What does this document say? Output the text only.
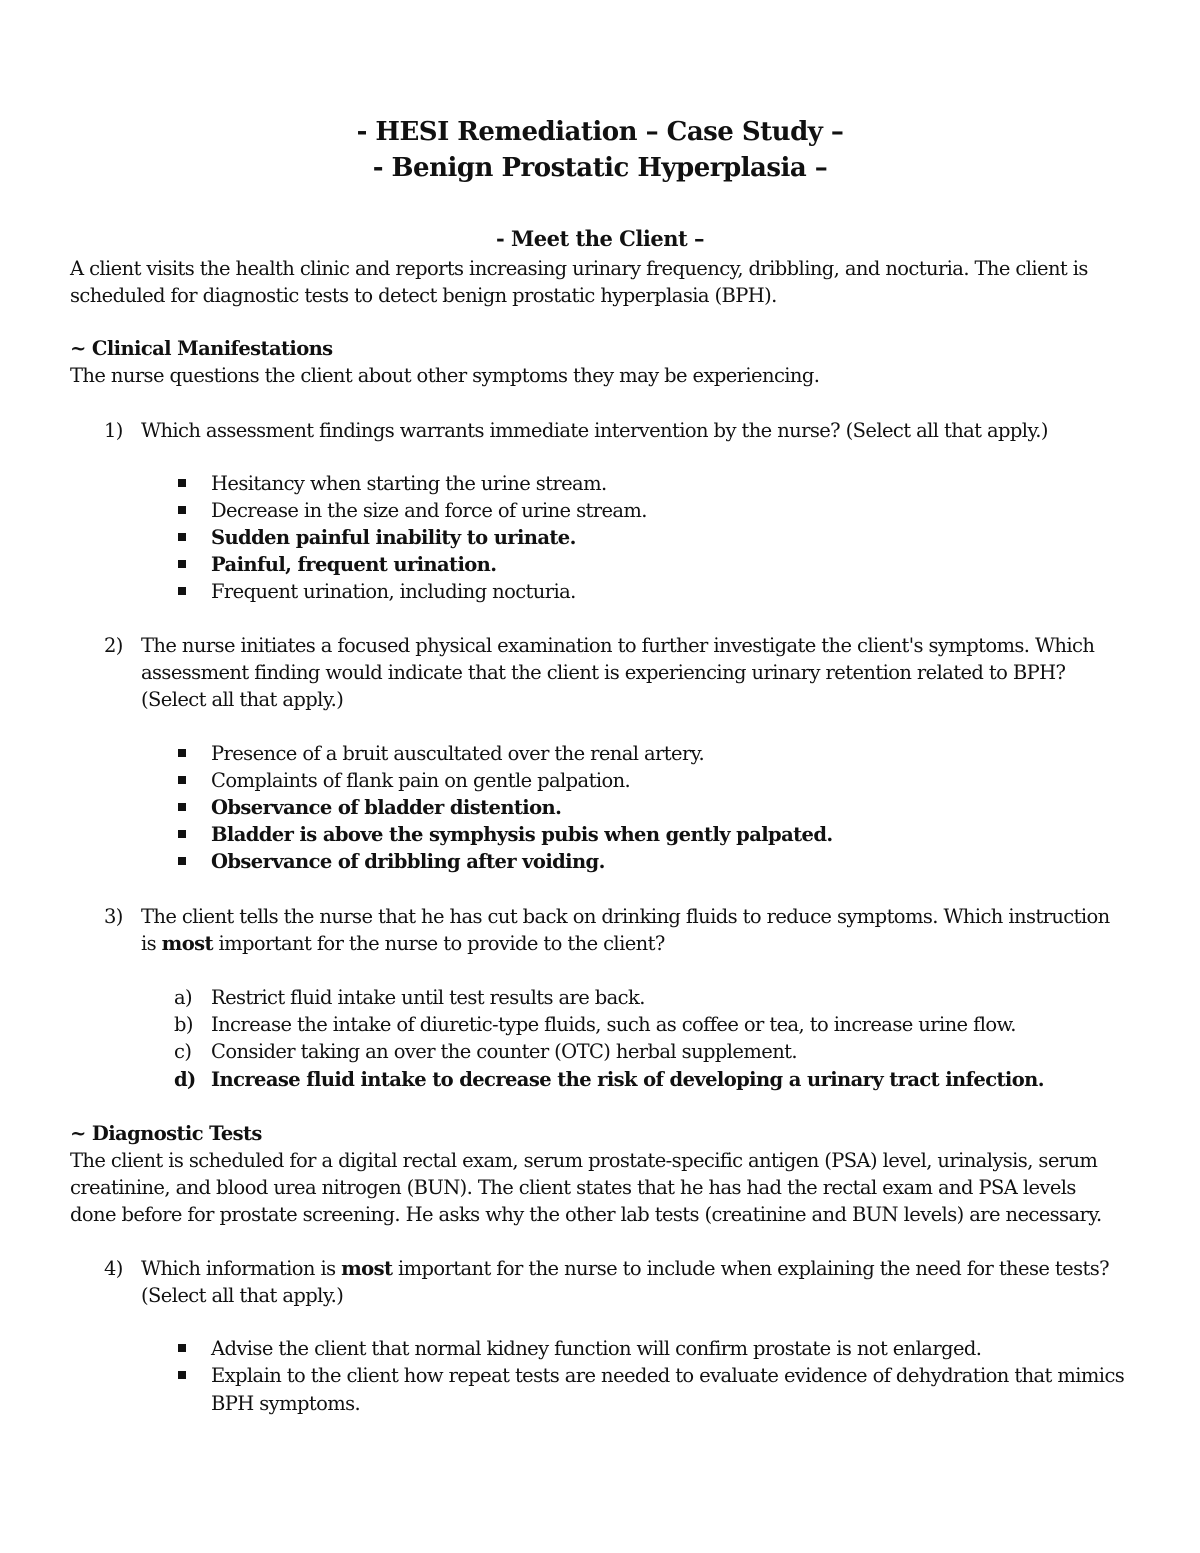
- HESI Remediation – Case Study –
- Benign Prostatic Hyperplasia –
- Meet the Client –
A client visits the health clinic and reports increasing urinary frequency, dribbling, and nocturia. The client is
scheduled for diagnostic tests to detect benign prostatic hyperplasia (BPH).
~ Clinical Manifestations
The nurse questions the client about other symptoms they may be experiencing.
1) Which assessment findings warrants immediate intervention by the nurse? (Select all that apply.)
Hesitancy when starting the urine stream.
Decrease in the size and force of urine stream.
Sudden painful inability to urinate.
Painful, frequent urination.
Frequent urination, including nocturia.
2) The nurse initiates a focused physical examination to further investigate the client's symptoms. Which
assessment finding would indicate that the client is experiencing urinary retention related to BPH?
(Select all that apply.)
Presence of a bruit auscultated over the renal artery.
Complaints of flank pain on gentle palpation.
Observance of bladder distention.
Bladder is above the symphysis pubis when gently palpated.
Observance of dribbling after voiding.
3) The client tells the nurse that he has cut back on drinking fluids to reduce symptoms. Which instruction
is most important for the nurse to provide to the client?
a) Restrict fluid intake until test results are back.
b) Increase the intake of diuretic-type fluids, such as coffee or tea, to increase urine flow.
c) Consider taking an over the counter (OTC) herbal supplement.
d) Increase fluid intake to decrease the risk of developing a urinary tract infection.
~ Diagnostic Tests
The client is scheduled for a digital rectal exam, serum prostate-specific antigen (PSA) level, urinalysis, serum
creatinine, and blood urea nitrogen (BUN). The client states that he has had the rectal exam and PSA levels
done before for prostate screening. He asks why the other lab tests (creatinine and BUN levels) are necessary.
4) Which information is most important for the nurse to include when explaining the need for these tests?
(Select all that apply.)
Advise the client that normal kidney function will confirm prostate is not enlarged.
Explain to the client how repeat tests are needed to evaluate evidence of dehydration that mimics
BPH symptoms.
